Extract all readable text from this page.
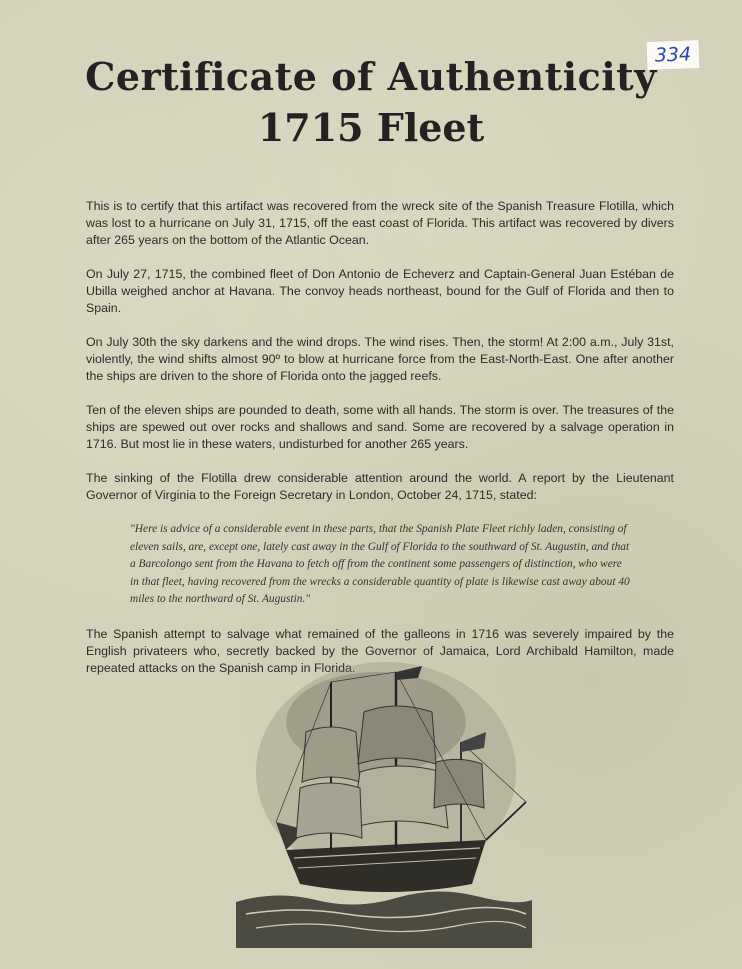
334
Certificate of Authenticity
1715 Fleet

This is to certify that this artifact was recovered from the wreck site of the Spanish Treasure Flotilla, which was lost to a hurricane on July 31, 1715, off the east coast of Florida. This artifact was recovered by divers after 265 years on the bottom of the Atlantic Ocean.

On July 27, 1715, the combined fleet of Don Antonio de Echeverz and Captain-General Juan Estéban de Ubilla weighed anchor at Havana. The convoy heads northeast, bound for the Gulf of Florida and then to Spain.

On July 30th the sky darkens and the wind drops. The wind rises. Then, the storm! At 2:00 a.m., July 31st, violently, the wind shifts almost 90º to blow at hurricane force from the East-North-East. One after another the ships are driven to the shore of Florida onto the jagged reefs.

Ten of the eleven ships are pounded to death, some with all hands. The storm is over. The treasures of the ships are spewed out over rocks and shallows and sand. Some are recovered by a salvage operation in 1716. But most lie in these waters, undisturbed for another 265 years.

The sinking of the Flotilla drew considerable attention around the world. A report by the Lieutenant Governor of Virginia to the Foreign Secretary in London, October 24, 1715, stated:

"Here is advice of a considerable event in these parts, that the Spanish Plate Fleet richly laden, consisting of eleven sails, are, except one, lately cast away in the Gulf of Florida to the southward of St. Augustin, and that a Barcolongo sent from the Havana to fetch off from the continent some passengers of distinction, who were in that fleet, having recovered from the wrecks a considerable quantity of plate is likewise cast away about 40 miles to the northward of St. Augustin."

The Spanish attempt to salvage what remained of the galleons in 1716 was severely impaired by the English privateers who, secretly backed by the Governor of Jamaica, Lord Archibald Hamilton, made repeated attacks on the Spanish camp in Florida.
